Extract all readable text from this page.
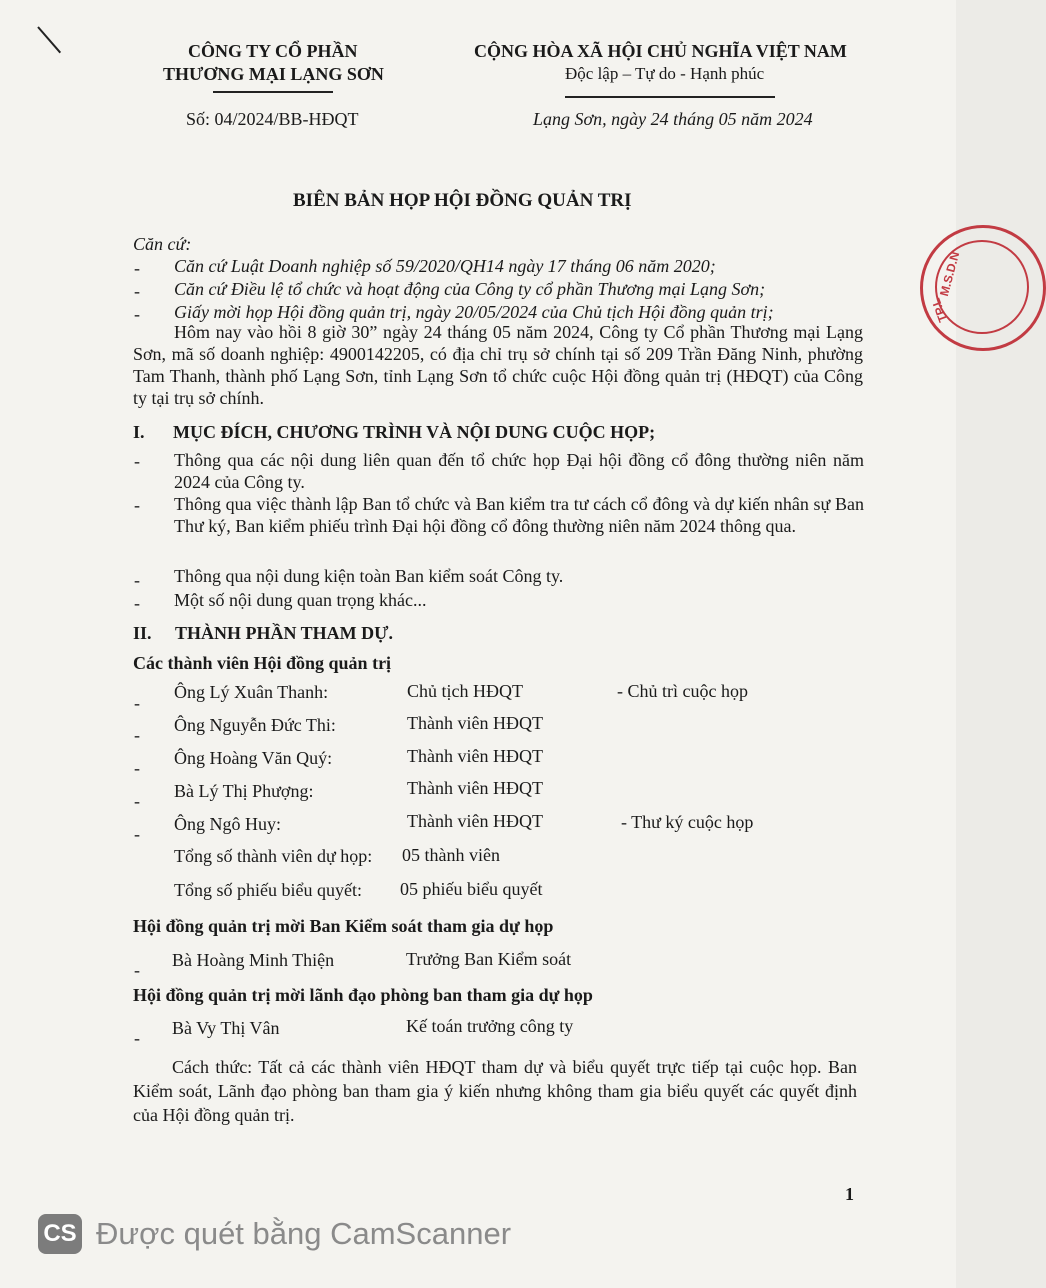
CÔNG TY CỔ PHẦN
THƯƠNG MẠI LẠNG SƠN
CỘNG HÒA XÃ HỘI CHỦ NGHĨA VIỆT NAM
Độc lập – Tự do - Hạnh phúc
Số: 04/2024/BB-HĐQT	Lạng Sơn, ngày 24 tháng 05 năm 2024
BIÊN BẢN HỌP HỘI ĐỒNG QUẢN TRỊ
Căn cứ:
- Căn cứ Luật Doanh nghiệp số 59/2020/QH14 ngày 17 tháng 06 năm 2020;
- Căn cứ Điều lệ tổ chức và hoạt động của Công ty cổ phần Thương mại Lạng Sơn;
- Giấy mời họp Hội đồng quản trị, ngày 20/05/2024 của Chủ tịch Hội đồng quản trị;
Hôm nay vào hồi 8 giờ 30” ngày 24 tháng 05 năm 2024, Công ty Cổ phần Thương mại Lạng Sơn, mã số doanh nghiệp: 4900142205, có địa chỉ trụ sở chính tại số 209 Trần Đăng Ninh, phường Tam Thanh, thành phố Lạng Sơn, tỉnh Lạng Sơn tổ chức cuộc Hội đồng quản trị (HĐQT) của Công ty tại trụ sở chính.
I. MỤC ĐÍCH, CHƯƠNG TRÌNH VÀ NỘI DUNG CUỘC HỌP;
- Thông qua các nội dung liên quan đến tổ chức họp Đại hội đồng cổ đông thường niên năm 2024 của Công ty.
- Thông qua việc thành lập Ban tổ chức và Ban kiểm tra tư cách cổ đông và dự kiến nhân sự Ban Thư ký, Ban kiểm phiếu trình Đại hội đồng cổ đông thường niên năm 2024 thông qua.
- Thông qua nội dung kiện toàn Ban kiểm soát Công ty.
- Một số nội dung quan trọng khác...
II. THÀNH PHẦN THAM DỰ.
Các thành viên Hội đồng quản trị
-
Ông Lý Xuân Thanh:	Chủ tịch HĐQT	- Chủ trì cuộc họp
- Ông Nguyễn Đức Thi:	Thành viên HĐQT
- Ông Hoàng Văn Quý:	Thành viên HĐQT
- Bà Lý Thị Phượng:	Thành viên HĐQT
- Ông Ngô Huy:	Thành viên HĐQT	- Thư ký cuộc họp
Tổng số thành viên dự họp: 05 thành viên
Tổng số phiếu biểu quyết: 05 phiếu biểu quyết
Hội đồng quản trị mời Ban Kiểm soát tham gia dự họp
- Bà Hoàng Minh Thiện	Trưởng Ban Kiểm soát
Hội đồng quản trị mời lãnh đạo phòng ban tham gia dự họp
- Bà Vy Thị Vân	Kế toán trưởng công ty
Cách thức: Tất cả các thành viên HĐQT tham dự và biểu quyết trực tiếp tại cuộc họp. Ban Kiểm soát, Lãnh đạo phòng ban tham gia ý kiến nhưng không tham gia biểu quyết các quyết định của Hội đồng quản trị.
M.S.D.N
TP.L
1
CS Được quét bằng CamScanner
